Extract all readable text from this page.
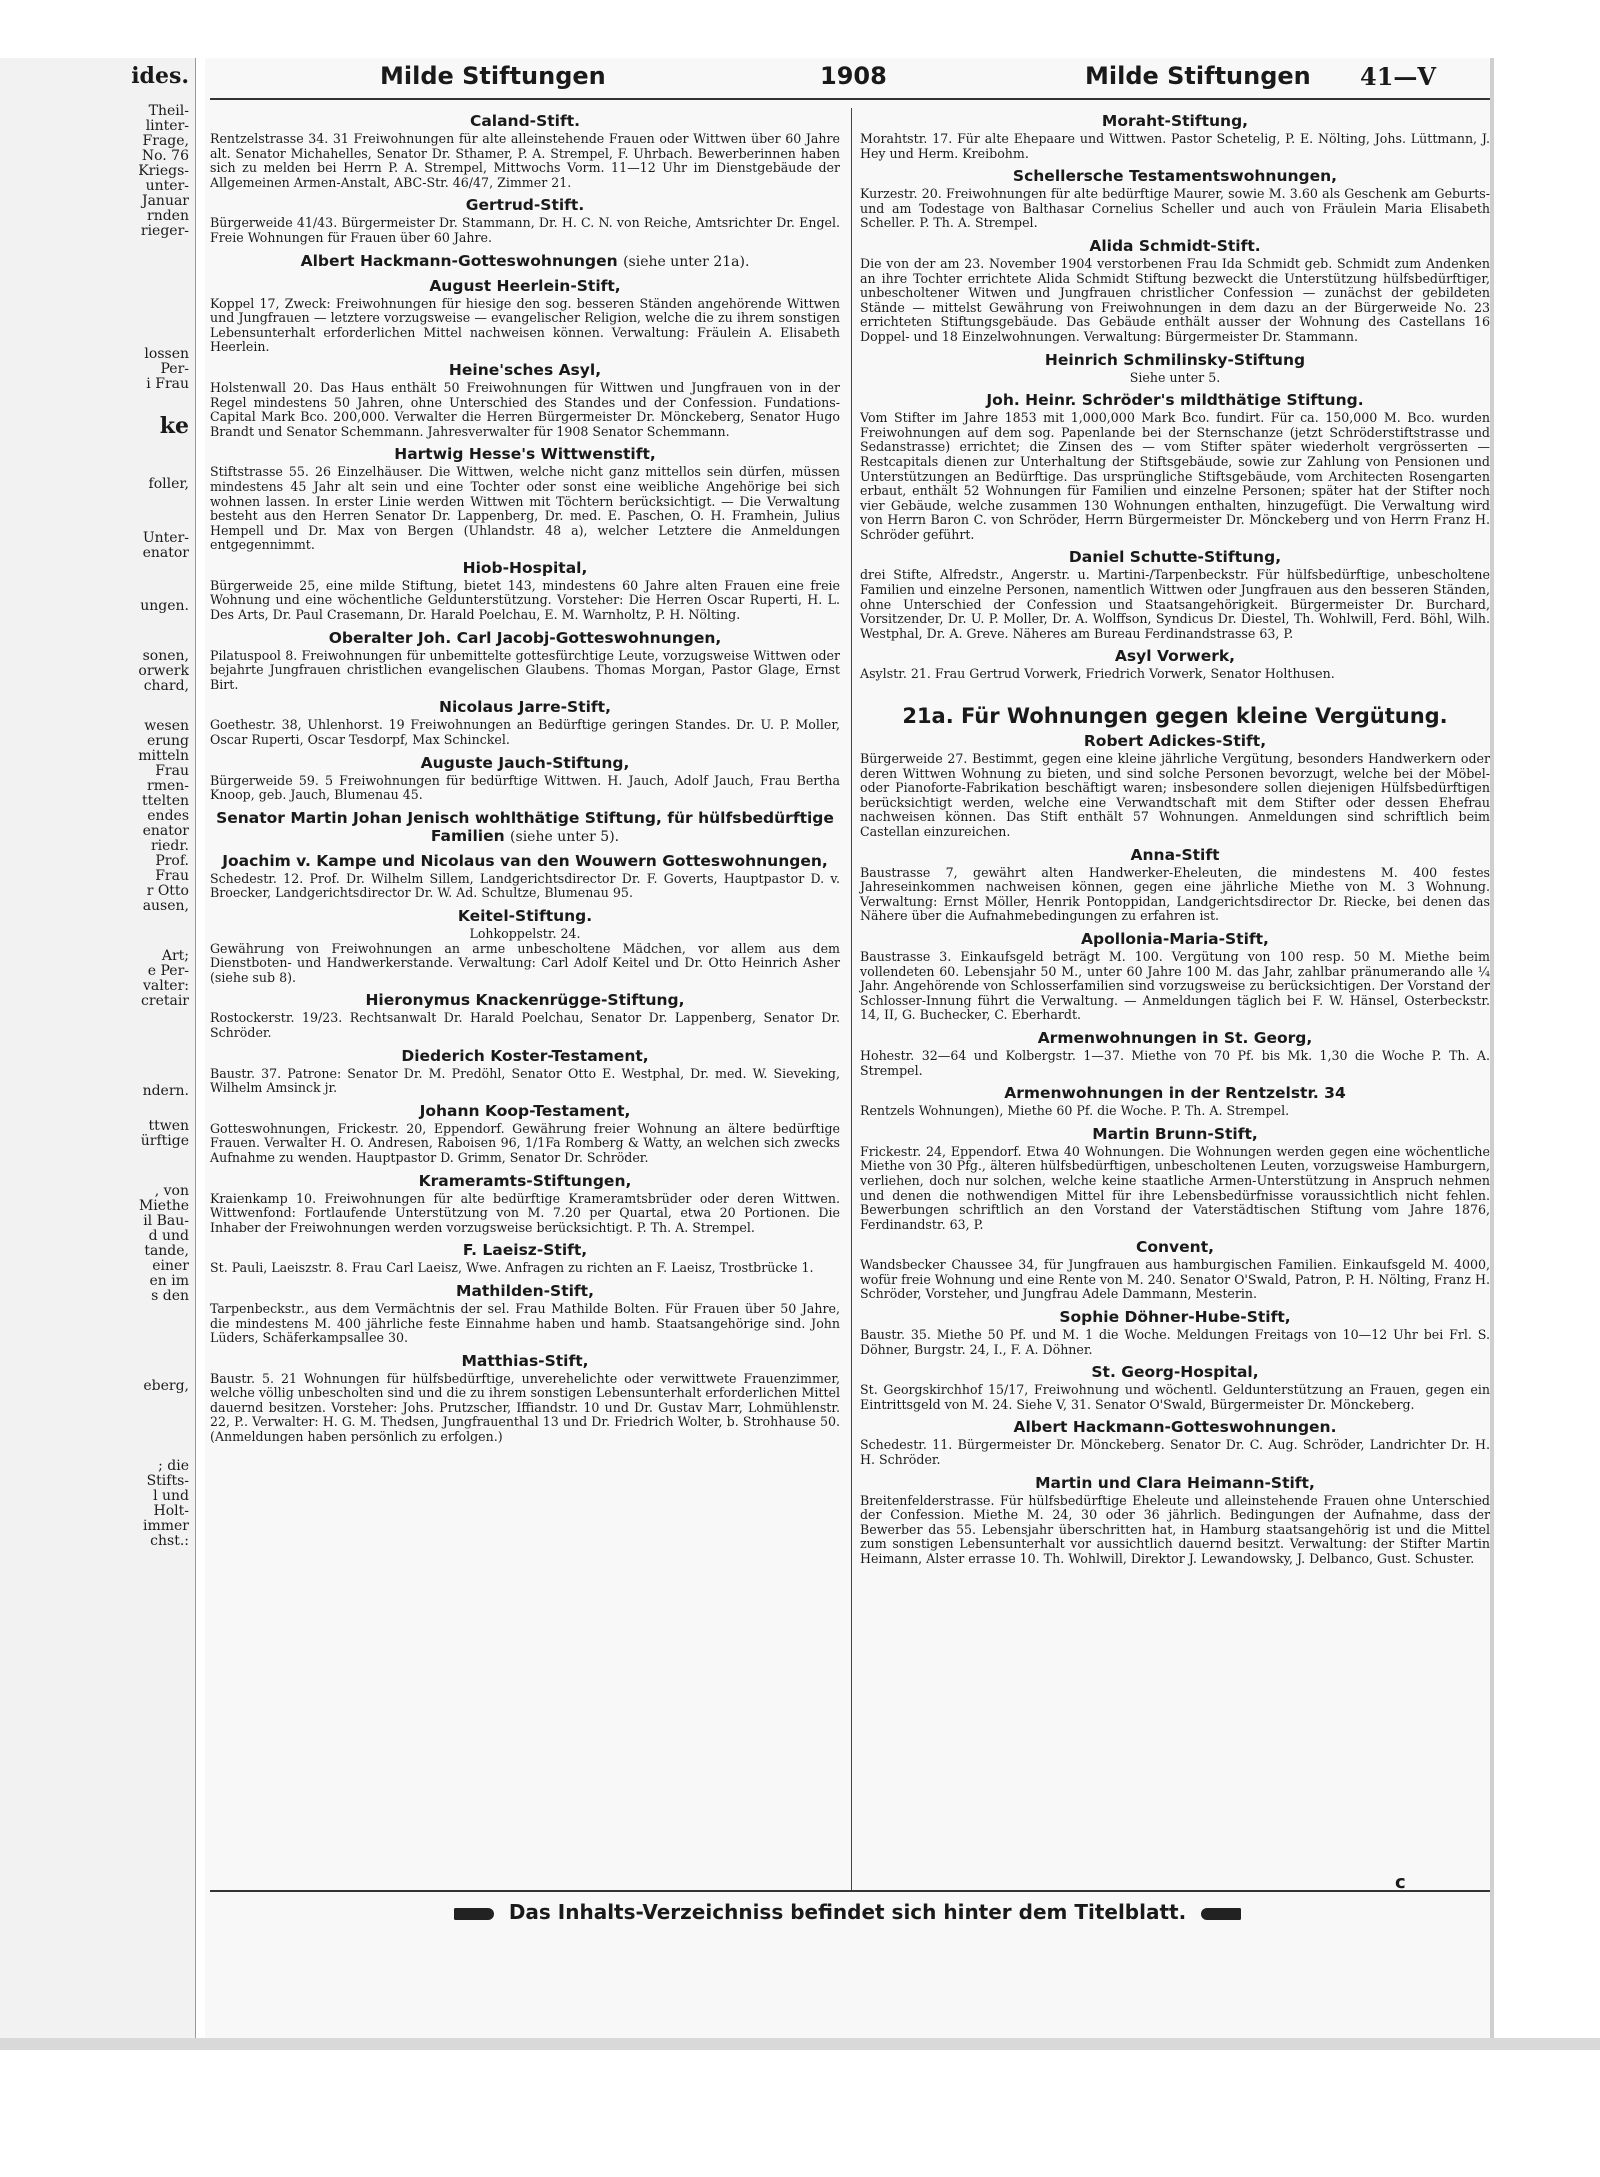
ides.
Theil-
linter-
Frage,
No. 76
Kriegs-
unter-
Januar
rnden
rieger-
lossen
Per-
i Frau
ke
foller,
Unter-
enator
ungen.
sonen,
orwerk
chard,
wesen
erung
mitteln
Frau
rmen-
ttelten
endes
enator
riedr.
Prof.
Frau
r Otto
ausen,
Art;
e Per-
valter:
cretair
ndern.
ttwen
ürftige
, von
Miethe
il Bau-
d und
tande,
einer
en im
s den
eberg,
; die
Stifts-
l und
Holt-
immer
chst.:
Milde Stiftungen	1908	Milde Stiftungen 41—V
Caland-Stift.

Rentzelstrasse 34. 31 Freiwohnungen für alte alleinstehende Frauen oder Wittwen über 60 Jahre alt. Senator Michahelles, Senator Dr. Sthamer, P. A. Strempel, F. Uhrbach. Bewerberinnen haben sich zu melden bei Herrn P. A. Strempel, Mittwochs Vorm. 11—12 Uhr im Dienstgebäude der Allgemeinen Armen-Anstalt, ABC-Str. 46/47, Zimmer 21.

Gertrud-Stift.

Bürgerweide 41/43. Bürgermeister Dr. Stammann, Dr. H. C. N. von Reiche, Amtsrichter Dr. Engel. Freie Wohnungen für Frauen über 60 Jahre.

Albert Hackmann-Gotteswohnungen (siehe unter 21a).
August Heerlein-Stift,

Koppel 17, Zweck: Freiwohnungen für hiesige den sog. besseren Ständen angehörende Wittwen und Jungfrauen — letztere vorzugsweise — evangelischer Religion, welche die zu ihrem sonstigen Lebensunterhalt erforderlichen Mittel nachweisen können. Verwaltung: Fräulein A. Elisabeth Heerlein.

Heine'sches Asyl,

Holstenwall 20. Das Haus enthält 50 Freiwohnungen für Wittwen und Jungfrauen von in der Regel mindestens 50 Jahren, ohne Unterschied des Standes und der Confession. Fundations-Capital Mark Bco. 200,000. Verwalter die Herren Bürgermeister Dr. Mönckeberg, Senator Hugo Brandt und Senator Schemmann. Jahresverwalter für 1908 Senator Schemmann.

Hartwig Hesse's Wittwenstift,

Stiftstrasse 55. 26 Einzelhäuser. Die Wittwen, welche nicht ganz mittellos sein dürfen, müssen mindestens 45 Jahr alt sein und eine Tochter oder sonst eine weibliche Angehörige bei sich wohnen lassen. In erster Linie werden Wittwen mit Töchtern berücksichtigt. — Die Verwaltung besteht aus den Herren Senator Dr. Lappenberg, Dr. med. E. Paschen, O. H. Framhein, Julius Hempell und Dr. Max von Bergen (Uhlandstr. 48 a), welcher Letztere die Anmeldungen entgegennimmt.

Hiob-Hospital,

Bürgerweide 25, eine milde Stiftung, bietet 143, mindestens 60 Jahre alten Frauen eine freie Wohnung und eine wöchentliche Geldunterstützung. Vorsteher: Die Herren Oscar Ruperti, H. L. Des Arts, Dr. Paul Crasemann, Dr. Harald Poelchau, E. M. Warnholtz, P. H. Nölting.

Oberalter Joh. Carl Jacobj-Gotteswohnungen,

Pilatuspool 8. Freiwohnungen für unbemittelte gottesfürchtige Leute, vorzugsweise Wittwen oder bejahrte Jungfrauen christlichen evangelischen Glaubens. Thomas Morgan, Pastor Glage, Ernst Birt.

Nicolaus Jarre-Stift,

Goethestr. 38, Uhlenhorst. 19 Freiwohnungen an Bedürftige geringen Standes. Dr. U. P. Moller, Oscar Ruperti, Oscar Tesdorpf, Max Schinckel.

Auguste Jauch-Stiftung,

Bürgerweide 59. 5 Freiwohnungen für bedürftige Wittwen. H. Jauch, Adolf Jauch, Frau Bertha Knoop, geb. Jauch, Blumenau 45.

Senator Martin Johan Jenisch wohlthätige Stiftung, für hülfsbedürftige Familien (siehe unter 5).
Joachim v. Kampe und Nicolaus van den Wouwern Gotteswohnungen,

Schedestr. 12. Prof. Dr. Wilhelm Sillem, Landgerichtsdirector Dr. F. Goverts, Hauptpastor D. v. Broecker, Landgerichtsdirector Dr. W. Ad. Schultze, Blumenau 95.

Keitel-Stiftung.

Lohkoppelstr. 24.

Gewährung von Freiwohnungen an arme unbescholtene Mädchen, vor allem aus dem Dienstboten- und Handwerkerstande. Verwaltung: Carl Adolf Keitel und Dr. Otto Heinrich Asher (siehe sub 8).

Hieronymus Knackenrügge-Stiftung,

Rostockerstr. 19/23. Rechtsanwalt Dr. Harald Poelchau, Senator Dr. Lappenberg, Senator Dr. Schröder.

Diederich Koster-Testament,

Baustr. 37. Patrone: Senator Dr. M. Predöhl, Senator Otto E. Westphal, Dr. med. W. Sieveking, Wilhelm Amsinck jr.

Johann Koop-Testament,

Gotteswohnungen, Frickestr. 20, Eppendorf. Gewährung freier Wohnung an ältere bedürftige Frauen. Verwalter H. O. Andresen, Raboisen 96, 1/1Fa Romberg & Watty, an welchen sich zwecks Aufnahme zu wenden. Hauptpastor D. Grimm, Senator Dr. Schröder.

Krameramts-Stiftungen,

Kraienkamp 10. Freiwohnungen für alte bedürftige Krameramtsbrüder oder deren Wittwen. Wittwenfond: Fortlaufende Unterstützung von M. 7.20 per Quartal, etwa 20 Portionen. Die Inhaber der Freiwohnungen werden vorzugsweise berücksichtigt. P. Th. A. Strempel.

F. Laeisz-Stift,

St. Pauli, Laeiszstr. 8. Frau Carl Laeisz, Wwe. Anfragen zu richten an F. Laeisz, Trostbrücke 1.

Mathilden-Stift,

Tarpenbeckstr., aus dem Vermächtnis der sel. Frau Mathilde Bolten. Für Frauen über 50 Jahre, die mindestens M. 400 jährliche feste Einnahme haben und hamb. Staatsangehörige sind. John Lüders, Schäferkampsallee 30.

Matthias-Stift,

Baustr. 5. 21 Wohnungen für hülfsbedürftige, unverehelichte oder verwittwete Frauenzimmer, welche völlig unbescholten sind und die zu ihrem sonstigen Lebensunterhalt erforderlichen Mittel dauernd besitzen. Vorsteher: Johs. Prutzscher, Iffiandstr. 10 und Dr. Gustav Marr, Lohmühlenstr. 22, P.. Verwalter: H. G. M. Thedsen, Jungfrauenthal 13 und Dr. Friedrich Wolter, b. Strohhause 50. (Anmeldungen haben persönlich zu erfolgen.)

Moraht-Stiftung,

Morahtstr. 17. Für alte Ehepaare und Wittwen. Pastor Schetelig, P. E. Nölting, Johs. Lüttmann, J. Hey und Herm. Kreibohm.

Schellersche Testamentswohnungen,

Kurzestr. 20. Freiwohnungen für alte bedürftige Maurer, sowie M. 3.60 als Geschenk am Geburts- und am Todestage von Balthasar Cornelius Scheller und auch von Fräulein Maria Elisabeth Scheller. P. Th. A. Strempel.

Alida Schmidt-Stift.

Die von der am 23. November 1904 verstorbenen Frau Ida Schmidt geb. Schmidt zum Andenken an ihre Tochter errichtete Alida Schmidt Stiftung bezweckt die Unterstützung hülfsbedürftiger, unbescholtener Witwen und Jungfrauen christlicher Confession — zunächst der gebildeten Stände — mittelst Gewährung von Freiwohnungen in dem dazu an der Bürgerweide No. 23 errichteten Stiftungsgebäude. Das Gebäude enthält ausser der Wohnung des Castellans 16 Doppel- und 18 Einzelwohnungen. Verwaltung: Bürgermeister Dr. Stammann.

Heinrich Schmilinsky-Stiftung

Siehe unter 5.

Joh. Heinr. Schröder's mildthätige Stiftung.

Vom Stifter im Jahre 1853 mit 1,000,000 Mark Bco. fundirt. Für ca. 150,000 M. Bco. wurden Freiwohnungen auf dem sog. Papenlande bei der Sternschanze (jetzt Schröderstiftstrasse und Sedanstrasse) errichtet; die Zinsen des — vom Stifter später wiederholt vergrösserten — Restcapitals dienen zur Unterhaltung der Stiftsgebäude, sowie zur Zahlung von Pensionen und Unterstützungen an Bedürftige. Das ursprüngliche Stiftsgebäude, vom Architecten Rosengarten erbaut, enthält 52 Wohnungen für Familien und einzelne Personen; später hat der Stifter noch vier Gebäude, welche zusammen 130 Wohnungen enthalten, hinzugefügt. Die Verwaltung wird von Herrn Baron C. von Schröder, Herrn Bürgermeister Dr. Mönckeberg und von Herrn Franz H. Schröder geführt.

Daniel Schutte-Stiftung,

drei Stifte, Alfredstr., Angerstr. u. Martini-/Tarpenbeckstr. Für hülfsbedürftige, unbescholtene Familien und einzelne Personen, namentlich Wittwen oder Jungfrauen aus den besseren Ständen, ohne Unterschied der Confession und Staatsangehörigkeit. Bürgermeister Dr. Burchard, Vorsitzender, Dr. U. P. Moller, Dr. A. Wolffson, Syndicus Dr. Diestel, Th. Wohlwill, Ferd. Böhl, Wilh. Westphal, Dr. A. Greve. Näheres am Bureau Ferdinandstrasse 63, P.

Asyl Vorwerk,

Asylstr. 21. Frau Gertrud Vorwerk, Friedrich Vorwerk, Senator Holthusen.

21a. Für Wohnungen gegen kleine Vergütung.
Robert Adickes-Stift,

Bürgerweide 27. Bestimmt, gegen eine kleine jährliche Vergütung, besonders Handwerkern oder deren Wittwen Wohnung zu bieten, und sind solche Personen bevorzugt, welche bei der Möbel- oder Pianoforte-Fabrikation beschäftigt waren; insbesondere sollen diejenigen Hülfsbedürftigen berücksichtigt werden, welche eine Verwandtschaft mit dem Stifter oder dessen Ehefrau nachweisen können. Das Stift enthält 57 Wohnungen. Anmeldungen sind schriftlich beim Castellan einzureichen.

Anna-Stift

Baustrasse 7, gewährt alten Handwerker-Eheleuten, die mindestens M. 400 festes Jahreseinkommen nachweisen können, gegen eine jährliche Miethe von M. 3 Wohnung. Verwaltung: Ernst Möller, Henrik Pontoppidan, Landgerichtsdirector Dr. Riecke, bei denen das Nähere über die Aufnahmebedingungen zu erfahren ist.

Apollonia-Maria-Stift,

Baustrasse 3. Einkaufsgeld beträgt M. 100. Vergütung von 100 resp. 50 M. Miethe beim vollendeten 60. Lebensjahr 50 M., unter 60 Jahre 100 M. das Jahr, zahlbar pränumerando alle ¼ Jahr. Angehörende von Schlosserfamilien sind vorzugsweise zu berücksichtigen. Der Vorstand der Schlosser-Innung führt die Verwaltung. — Anmeldungen täglich bei F. W. Hänsel, Osterbeckstr. 14, II, G. Buchecker, C. Eberhardt.

Armenwohnungen in St. Georg,

Hohestr. 32—64 und Kolbergstr. 1—37. Miethe von 70 Pf. bis Mk. 1,30 die Woche P. Th. A. Strempel.

Armenwohnungen in der Rentzelstr. 34

Rentzels Wohnungen), Miethe 60 Pf. die Woche. P. Th. A. Strempel.

Martin Brunn-Stift,

Frickestr. 24, Eppendorf. Etwa 40 Wohnungen. Die Wohnungen werden gegen eine wöchentliche Miethe von 30 Pfg., älteren hülfsbedürftigen, unbescholtenen Leuten, vorzugsweise Hamburgern, verliehen, doch nur solchen, welche keine staatliche Armen-Unterstützung in Anspruch nehmen und denen die nothwendigen Mittel für ihre Lebensbedürfnisse voraussichtlich nicht fehlen. Bewerbungen schriftlich an den Vorstand der Vaterstädtischen Stiftung vom Jahre 1876, Ferdinandstr. 63, P.

Convent,

Wandsbecker Chaussee 34, für Jungfrauen aus hamburgischen Familien. Einkaufsgeld M. 4000, wofür freie Wohnung und eine Rente von M. 240. Senator O'Swald, Patron, P. H. Nölting, Franz H. Schröder, Vorsteher, und Jungfrau Adele Dammann, Mesterin.

Sophie Döhner-Hube-Stift,

Baustr. 35. Miethe 50 Pf. und M. 1 die Woche. Meldungen Freitags von 10—12 Uhr bei Frl. S. Döhner, Burgstr. 24, I., F. A. Döhner.

St. Georg-Hospital,

St. Georgskirchhof 15/17, Freiwohnung und wöchentl. Geldunterstützung an Frauen, gegen ein Eintrittsgeld von M. 24. Siehe V, 31. Senator O'Swald, Bürgermeister Dr. Mönckeberg.

Albert Hackmann-Gotteswohnungen.

Schedestr. 11. Bürgermeister Dr. Mönckeberg. Senator Dr. C. Aug. Schröder, Landrichter Dr. H. H. Schröder.

Martin und Clara Heimann-Stift,

Breitenfelderstrasse. Für hülfsbedürftige Eheleute und alleinstehende Frauen ohne Unterschied der Confession. Miethe M. 24, 30 oder 36 jährlich. Bedingungen der Aufnahme, dass der Bewerber das 55. Lebensjahr überschritten hat, in Hamburg staatsangehörig ist und die Mittel zum sonstigen Lebensunterhalt vor aussichtlich dauernd besitzt. Verwaltung: der Stifter Martin Heimann, Alster errasse 10. Th. Wohlwill, Direktor J. Lewandowsky, J. Delbanco, Gust. Schuster.

Das Inhalts-Verzeichniss befindet sich hinter dem Titelblatt.
c
